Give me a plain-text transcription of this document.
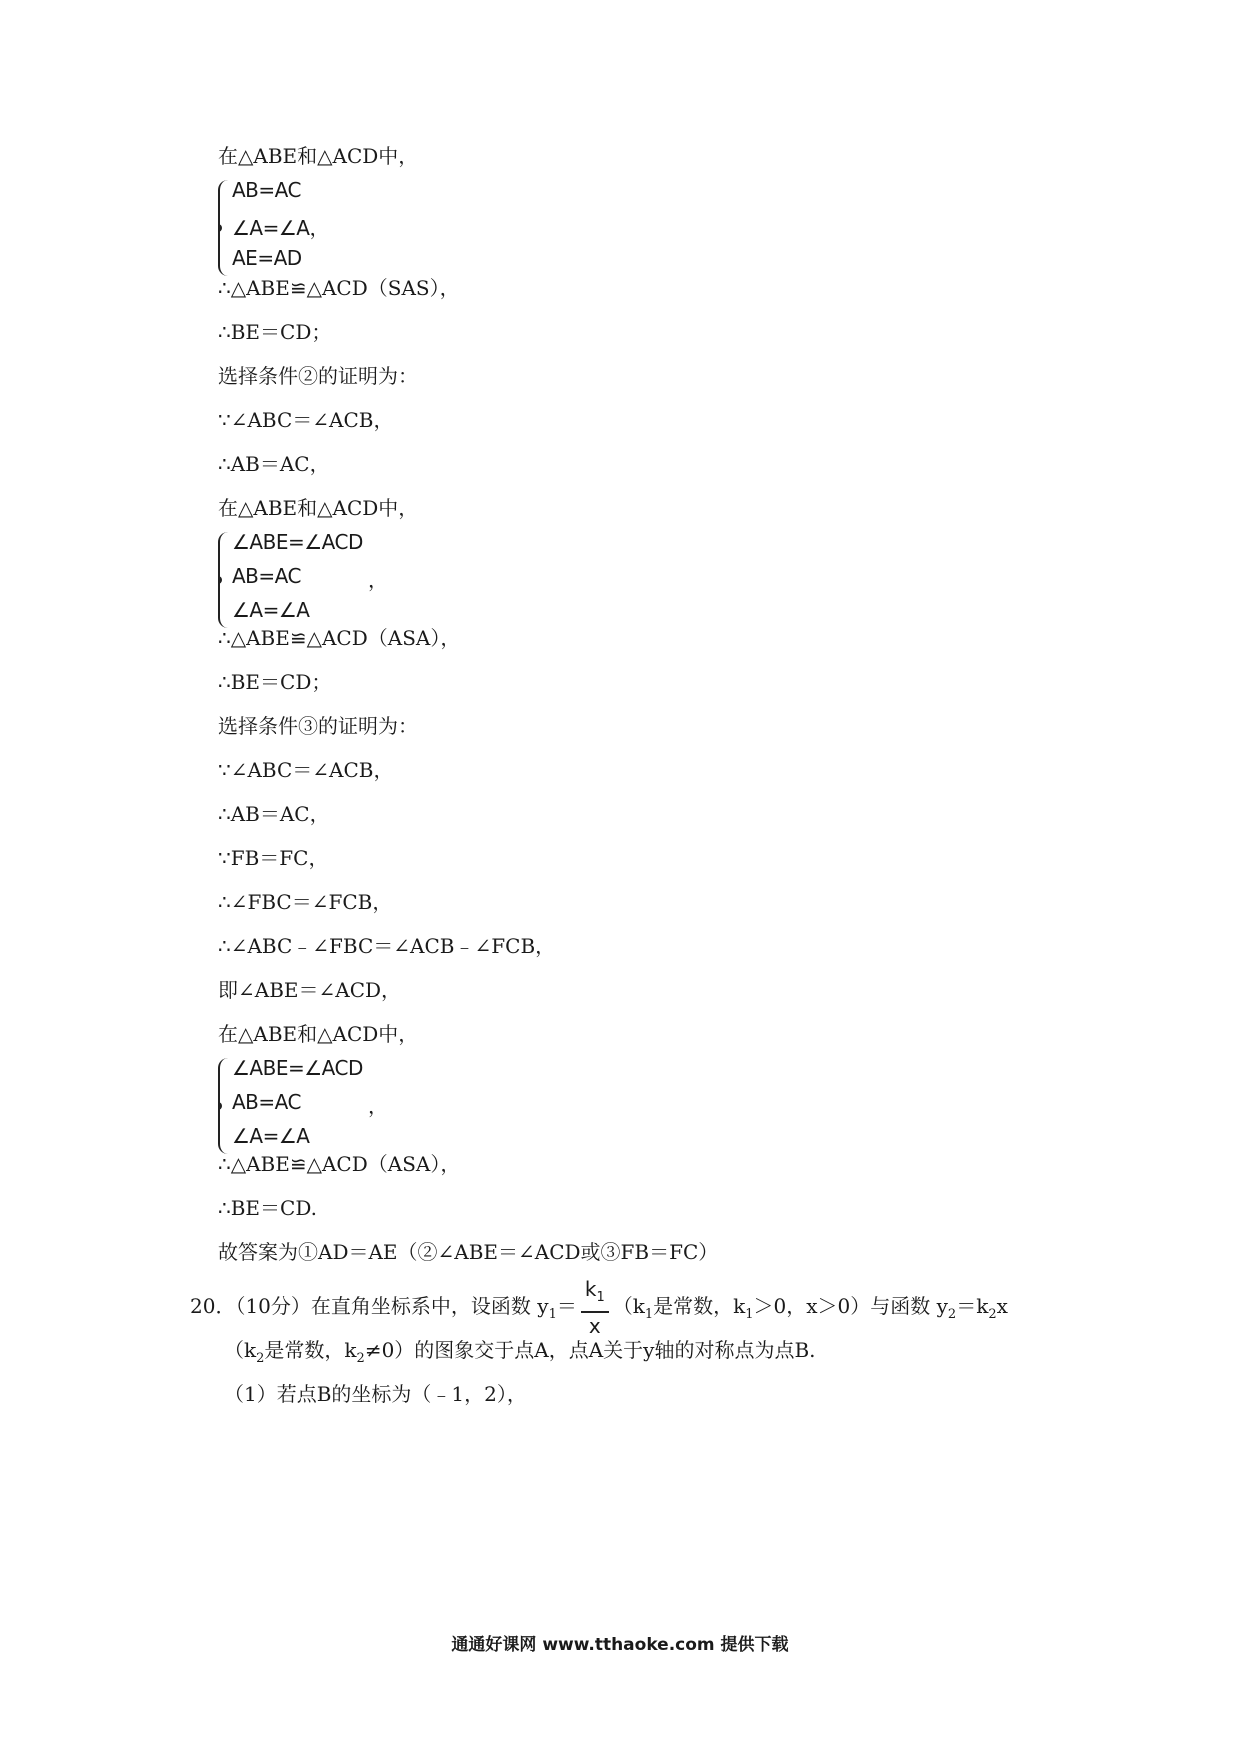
在△ABE和△ACD中，
AB=AC
∠A=∠A，
AE=AD
∴△ABE≌△ACD（SAS），
∴BE＝CD；
选择条件②的证明为：
∵∠ABC＝∠ACB，
∴AB＝AC，
在△ABE和△ACD中，
∠ABE=∠ACD
AB=AC
∠A=∠A
，
∴△ABE≌△ACD（ASA），
∴BE＝CD；
选择条件③的证明为：
∵∠ABC＝∠ACB，
∴AB＝AC，
∵FB＝FC，
∴∠FBC＝∠FCB，
∴∠ABC﹣∠FBC＝∠ACB﹣∠FCB，
即∠ABE＝∠ACD，
在△ABE和△ACD中，
∠ABE=∠ACD
AB=AC
∠A=∠A
，
∴△ABE≌△ACD（ASA），
∴BE＝CD.
故答案为①AD＝AE（②∠ABE＝∠ACD或③FB＝FC）
20．（10分）在直角坐标系中，设函数 $y_1= \frac{k_1}{x} (k_1$是常数，$k_1>0$，x＞0）与函数 $y_2=k_2x$
（$k_2$是常数，$k_2\ne 0$）的图象交于点A，点A关于y轴的对称点为点B.
（1）若点B的坐标为（﹣1，2），
通通好课网 www.tthaoke.com 提供下载
